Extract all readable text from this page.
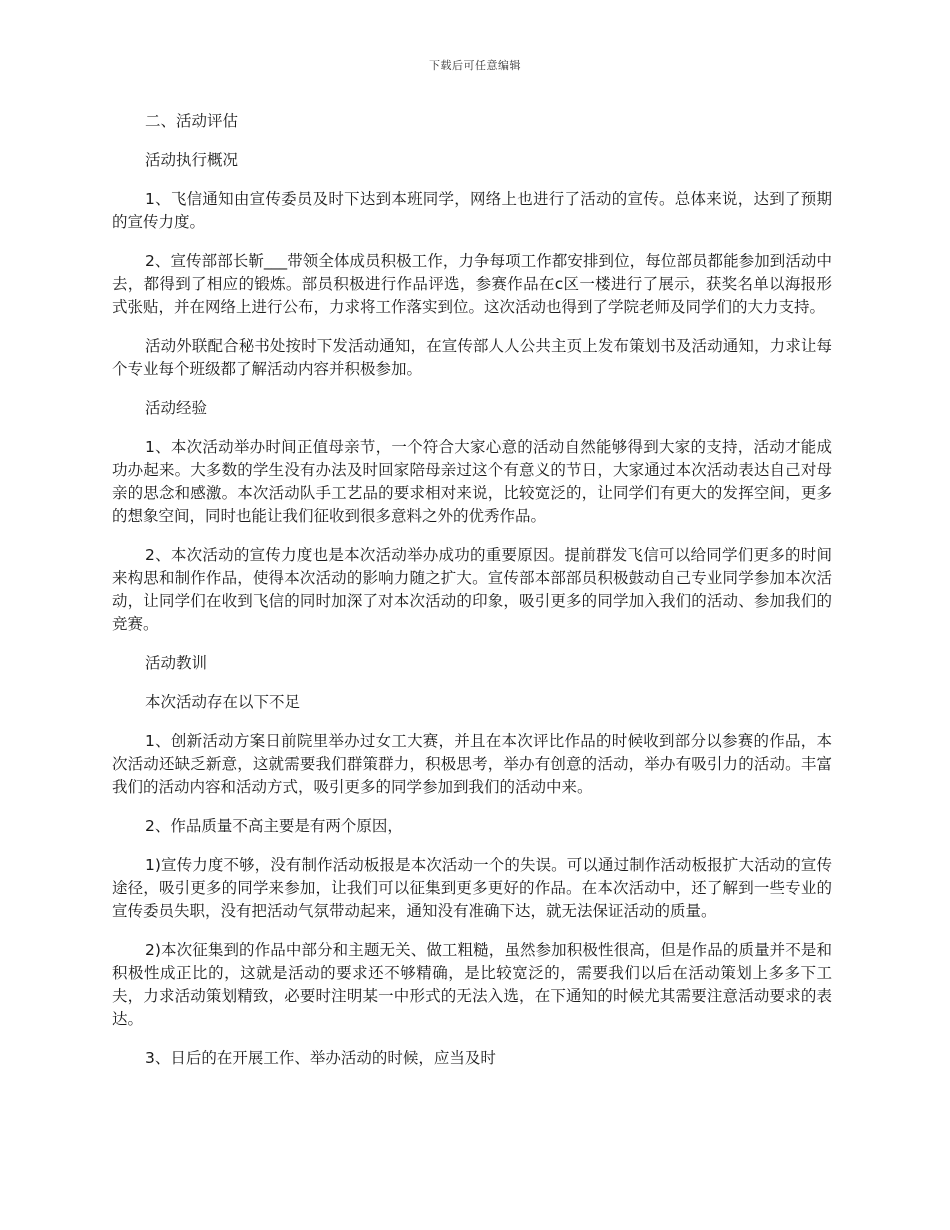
下载后可任意编辑

二、活动评估

活动执行概况

1、飞信通知由宣传委员及时下达到本班同学，网络上也进行了活动的宣传。总体来说，达到了预期的宣传力度。

2、宣传部部长靳___带领全体成员积极工作，力争每项工作都安排到位，每位部员都能参加到活动中去，都得到了相应的锻炼。部员积极进行作品评选，参赛作品在c区一楼进行了展示，获奖名单以海报形式张贴，并在网络上进行公布，力求将工作落实到位。这次活动也得到了学院老师及同学们的大力支持。

活动外联配合秘书处按时下发活动通知，在宣传部人人公共主页上发布策划书及活动通知，力求让每个专业每个班级都了解活动内容并积极参加。

活动经验

1、本次活动举办时间正值母亲节，一个符合大家心意的活动自然能够得到大家的支持，活动才能成功办起来。大多数的学生没有办法及时回家陪母亲过这个有意义的节日，大家通过本次活动表达自己对母亲的思念和感激。本次活动队手工艺品的要求相对来说，比较宽泛的，让同学们有更大的发挥空间，更多的想象空间，同时也能让我们征收到很多意料之外的优秀作品。

2、本次活动的宣传力度也是本次活动举办成功的重要原因。提前群发飞信可以给同学们更多的时间来构思和制作作品，使得本次活动的影响力随之扩大。宣传部本部部员积极鼓动自己专业同学参加本次活动，让同学们在收到飞信的同时加深了对本次活动的印象，吸引更多的同学加入我们的活动、参加我们的竞赛。

活动教训

本次活动存在以下不足

1、创新活动方案日前院里举办过女工大赛，并且在本次评比作品的时候收到部分以参赛的作品，本次活动还缺乏新意，这就需要我们群策群力，积极思考，举办有创意的活动，举办有吸引力的活动。丰富我们的活动内容和活动方式，吸引更多的同学参加到我们的活动中来。

2、作品质量不高主要是有两个原因，

1)宣传力度不够，没有制作活动板报是本次活动一个的失误。可以通过制作活动板报扩大活动的宣传途径，吸引更多的同学来参加，让我们可以征集到更多更好的作品。在本次活动中，还了解到一些专业的宣传委员失职，没有把活动气氛带动起来，通知没有准确下达，就无法保证活动的质量。

2)本次征集到的作品中部分和主题无关、做工粗糙，虽然参加积极性很高，但是作品的质量并不是和积极性成正比的，这就是活动的要求还不够精确，是比较宽泛的，需要我们以后在活动策划上多多下工夫，力求活动策划精致，必要时注明某一中形式的无法入选，在下通知的时候尤其需要注意活动要求的表达。

3、日后的在开展工作、举办活动的时候，应当及时
